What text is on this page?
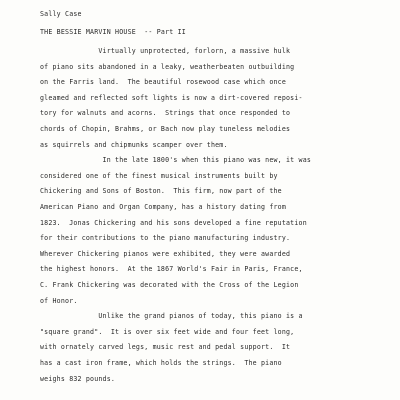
Sally Case
THE BESSIE MARVIN HOUSE  -- Part II
Virtually unprotected, forlorn, a massive hulk
of piano sits abandoned in a leaky, weatherbeaten outbuilding
on the Farris land.  The beautiful rosewood case which once
gleamed and reflected soft lights is now a dirt-covered reposi-
tory for walnuts and acorns.  Strings that once responded to
chords of Chopin, Brahms, or Bach now play tuneless melodies
as squirrels and chipmunks scamper over them.
In the late 1800's when this piano was new, it was
considered one of the finest musical instruments built by
Chickering and Sons of Boston.  This firm, now part of the
American Piano and Organ Company, has a history dating from
1823.  Jonas Chickering and his sons developed a fine reputation
for their contributions to the piano manufacturing industry.
Wherever Chickering pianos were exhibited, they were awarded
the highest honors.  At the 1867 World's Fair in Paris, France,
C. Frank Chickering was decorated with the Cross of the Legion
of Honor.
Unlike the grand pianos of today, this piano is a
"square grand".  It is over six feet wide and four feet long,
with ornately carved legs, music rest and pedal support.  It
has a cast iron frame, which holds the strings.  The piano
weighs 832 pounds.
